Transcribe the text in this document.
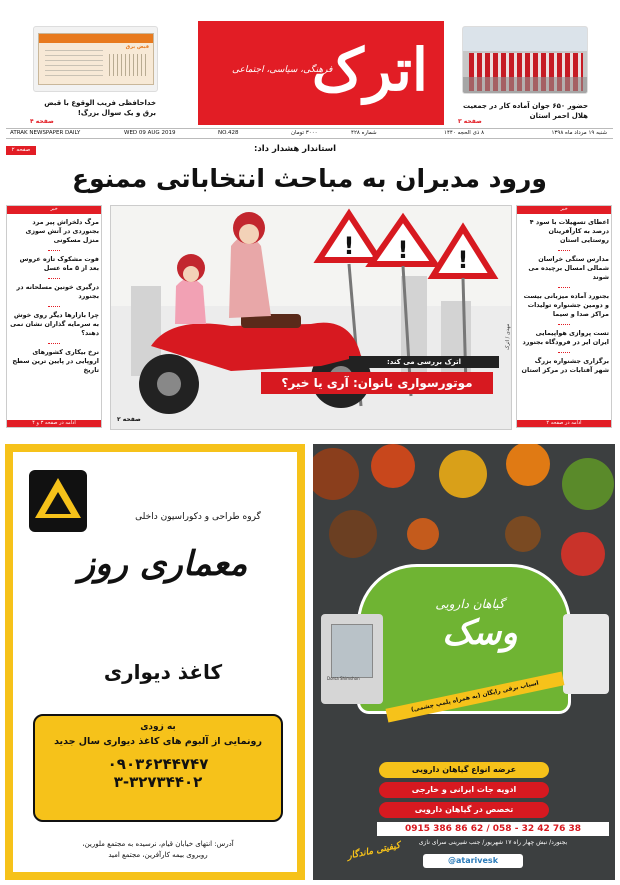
قبض برق
خداحافظی فریب الوقوع با قبض برق و یک سوال بزرگ!
صفحه ۴
حضور ۶۵۰ جوان آماده کار در جمعیت هلال احمر استان
صفحه ۳
اترک
فرهنگی، سیاسی، اجتماعی
ATRAK NEWSPAPER DAILY	WED 09 AUG 2019	NO.428	۳۰۰۰ تومان	شماره ۴۲۸	۸ ذی الحجه ۱۴۴۰	شنبه ۱۹ مرداد ماه ۱۳۹۸
صفحه ۲	استاندار هشدار داد:
ورود مدیران به مباحث انتخاباتی ممنوع
خبر
مرگ دلخراش پیر مرد بجنوردی در آتش سوزی منزل مسکونی
فوت مشکوک تازه عروس بعد از ۵ ماه عسل
درگیری خونین مسلحانه در بجنورد
چرا بازارها دیگر روی خوش به سرمایه گذاران نشان نمی دهند؟
نرخ بیکاری کشورهای اروپایی در پایین ترین سطح تاریخ
ادامه در صفحه ۳ و ۴
خبر
اعطای تسهیلات با سود ۴ درصد به کارآفرینان روستایی استان
مدارس ستگی خراسان شمالی امسال برچیده می شوند
بجنورد آماده میزبانی بیست و دومین جشنواره تولیدات مراکز صدا و سیما
تست پروازی هواپیمایی ایران ایر در فرودگاه بجنورد
برگزاری جشنواره بزرگ شهر آفتابات در مرکز استان
ادامه در صفحه ۲
! ! !
اترک بررسی می کند:
موتورسواری بانوان: آری یا خیر؟
صفحه ۲
مهدی / اترک
گروه طراحی و دکوراسیون داخلی
معماری روز
کاغذ دیواری
به زودی
رونمایی از آلبوم های کاغذ دیواری سال جدید
۰۹۰۳۶۲۴۴۷۴۷
۳-۳۲۷۳۴۴۰۲
آدرس: انتهای خیابان قیام، نرسیده به مجتمع ملورین،
روبروی بیمه کارآفرین، مجتمع امید
گیاهان دارویی
وسک
Dorsa Shimshon
اسیاب برقی رایگان (به همراه پلمپ چشمی)
عرضه انواع گیاهان دارویی
ادویه جات ایرانی و خارجی
تخصص در گیاهان دارویی
0915 386 86 62 / 058 - 32 42 76 38
بجنورد/ نبش چهار راه ۱۷ شهریور/ جنب شیرینی سرای نازی
@atarivesk
کیفیتی ماندگار
